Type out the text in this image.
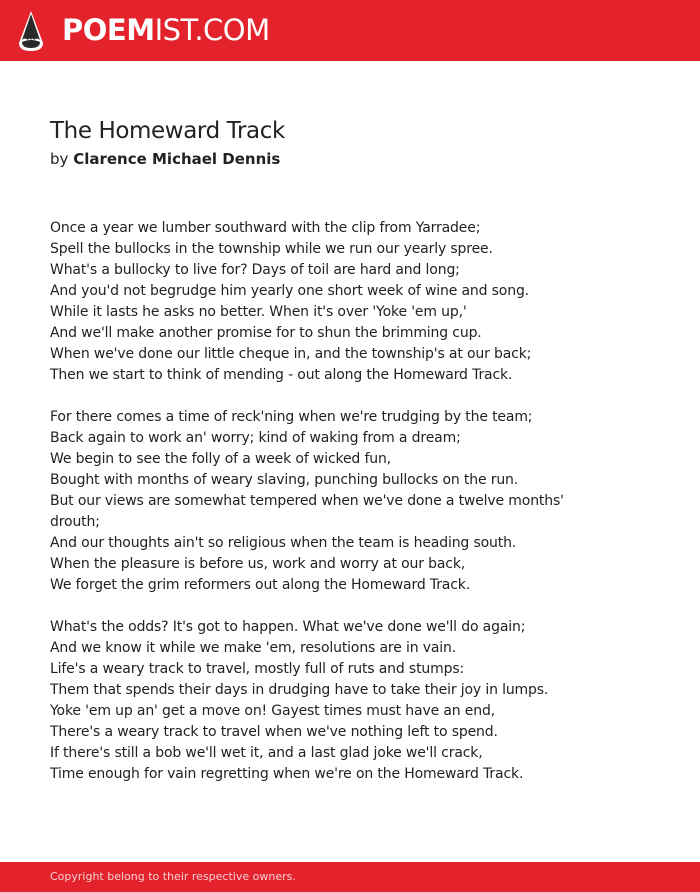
POEMIST.COM
The Homeward Track
by Clarence Michael Dennis
Once a year we lumber southward with the clip from Yarradee;
Spell the bullocks in the township while we run our yearly spree.
What's a bullocky to live for? Days of toil are hard and long;
And you'd not begrudge him yearly one short week of wine and song.
While it lasts he asks no better. When it's over 'Yoke 'em up,'
And we'll make another promise for to shun the brimming cup.
When we've done our little cheque in, and the township's at our back;
Then we start to think of mending - out along the Homeward Track.
For there comes a time of reck'ning when we're trudging by the team;
Back again to work an' worry; kind of waking from a dream;
We begin to see the folly of a week of wicked fun,
Bought with months of weary slaving, punching bullocks on the run.
But our views are somewhat tempered when we've done a twelve months'
drouth;
And our thoughts ain't so religious when the team is heading south.
When the pleasure is before us, work and worry at our back,
We forget the grim reformers out along the Homeward Track.
What's the odds? It's got to happen. What we've done we'll do again;
And we know it while we make 'em, resolutions are in vain.
Life's a weary track to travel, mostly full of ruts and stumps:
Them that spends their days in drudging have to take their joy in lumps.
Yoke 'em up an' get a move on! Gayest times must have an end,
There's a weary track to travel when we've nothing left to spend.
If there's still a bob we'll wet it, and a last glad joke we'll crack,
Time enough for vain regretting when we're on the Homeward Track.
Copyright belong to their respective owners.
